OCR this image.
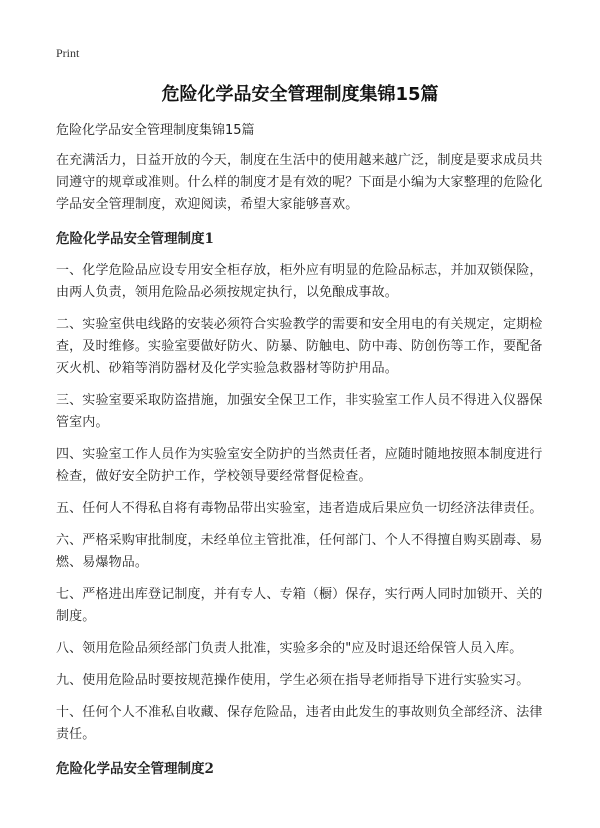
Print
危险化学品安全管理制度集锦15篇

危险化学品安全管理制度集锦15篇

在充满活力，日益开放的今天，制度在生活中的使用越来越广泛，制度是要求成员共同遵守的规章或准则。什么样的制度才是有效的呢？下面是小编为大家整理的危险化学品安全管理制度，欢迎阅读，希望大家能够喜欢。

危险化学品安全管理制度1

一、化学危险品应设专用安全柜存放，柜外应有明显的危险品标志，并加双锁保险，由两人负责，领用危险品必须按规定执行，以免酿成事故。

二、实验室供电线路的安装必须符合实验教学的需要和安全用电的有关规定，定期检查，及时维修。实验室要做好防火、防暴、防触电、防中毒、防创伤等工作，要配备灭火机、砂箱等消防器材及化学实验急救器材等防护用品。

三、实验室要采取防盗措施，加强安全保卫工作，非实验室工作人员不得进入仪器保管室内。

四、实验室工作人员作为实验室安全防护的当然责任者，应随时随地按照本制度进行检查，做好安全防护工作，学校领导要经常督促检查。

五、任何人不得私自将有毒物品带出实验室，违者造成后果应负一切经济法律责任。

六、严格采购审批制度，未经单位主管批准，任何部门、个人不得擅自购买剧毒、易燃、易爆物品。

七、严格进出库登记制度，并有专人、专箱（橱）保存，实行两人同时加锁开、关的制度。

八、领用危险品须经部门负责人批准，实验多余的"应及时退还给保管人员入库。

九、使用危险品时要按规范操作使用，学生必须在指导老师指导下进行实验实习。

十、任何个人不准私自收藏、保存危险品，违者由此发生的事故则负全部经济、法律责任。

危险化学品安全管理制度2
